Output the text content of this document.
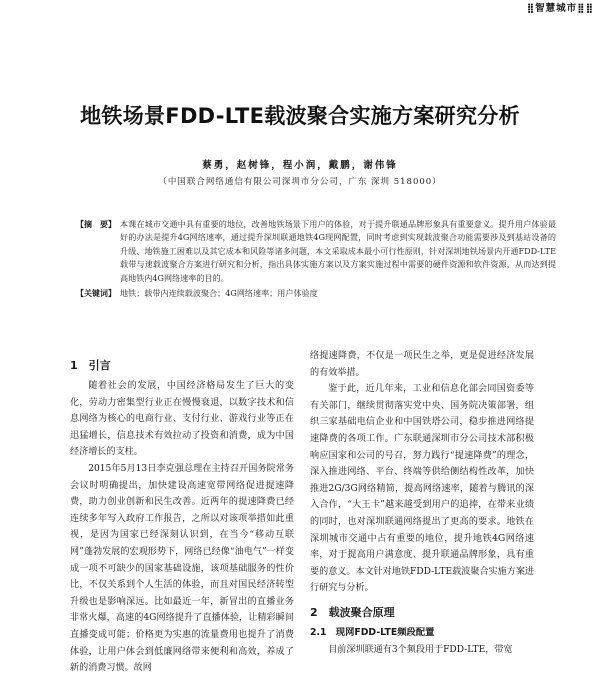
⣿智慧城市⣿⣿
地铁场景FDD-LTE载波聚合实施方案研究分析
蔡勇，赵树锋，程小润，戴鹏，谢伟锋
（中国联合网络通信有限公司深圳市分公司，广东 深圳 518000）
【摘　要】 本课在城市交通中具有重要的地位，改善地铁场景下用户的体验，对于提升联通品牌形象具有重要意义。提升用户体验最好的办法是提升4G网络速率，通过提升深圳联通地铁4G现网配置，同时考虑到实现载波聚合功能需要涉及到基站设备的升级、地铁施工困难以及其它成本和风险等诸多问题，本文采取成本最小可行性原则，针对深圳地铁场景内开通FDD-LTE载带与速载波聚合方案进行研究和分析，指出具体实施方案以及方案实施过程中需要的硬件资源和软件资源，从而达到提高地铁内4G网络速率的目的。
【关键词】 地铁；载带内连续载波聚合；4G网络速率；用户体验度
1　引言

随着社会的发展，中国经济格局发生了巨大的变化，劳动力密集型行业正在慢慢衰退，以数字技术和信息网络为核心的电商行业、支付行业、游戏行业等正在迅猛增长，信息技术有效拉动了投资和消费，成为中国经济增长的支柱。

2015年5月13日李克强总理在主持召开国务院常务会议时明确提出，加快建设高速宽带网络促进提速降费，助力创业创新和民生改善。近两年的提速降费已经连续多年写入政府工作报告，之所以对该项举措如此重视，是因为国家已经深刻认识到，在当今“移动互联网”蓬勃发展的宏观形势下，网络已经像“油电气”一样变成一项不可缺少的国家基础设施，该项基础服务的性价比，不仅关系到个人生活的体验，而且对国民经济转型升级也是影响深远。比如最近一年，新冒出的直播业务非常火爆，高速的4G网络提升了直播体验，让精彩瞬间直播变成可能；价格更为实惠的流量费用也提升了消费体验，让用户体会到低廉网络带来便利和高效，养成了新的消费习惯。故网

络提速降费，不仅是一项民生之举，更是促进经济发展的有效举措。

鉴于此，近几年来，工业和信息化部会同国资委等有关部门，继续贯彻落实党中央、国务院决策部署，组织三家基础电信企业和中国铁塔公司，稳步推进网络提速降费的各项工作。广东联通深圳市分公司技术部积极响应国家和公司的号召，努力践行“提速降费”的理念，深入推进网络、平台、终端等供给侧结构性改革，加快推进2G/3G网络精简，提高网络速率，随着与腾讯的深入合作，“大王卡”越来越受到用户的追捧，在带来业绩的同时，也对深圳联通网络提出了更高的要求。地铁在深圳城市交通中占有重要的地位，提升地铁4G网络速率，对于提高用户满意度、提升联通品牌形象，具有重要的意义。本文针对地铁FDD-LTE载波聚合实施方案进行研究与分析。

2　载波聚合原理
2.1　现网FDD-LTE频段配置

目前深圳联通有3个频段用于FDD-LTE，带宽
